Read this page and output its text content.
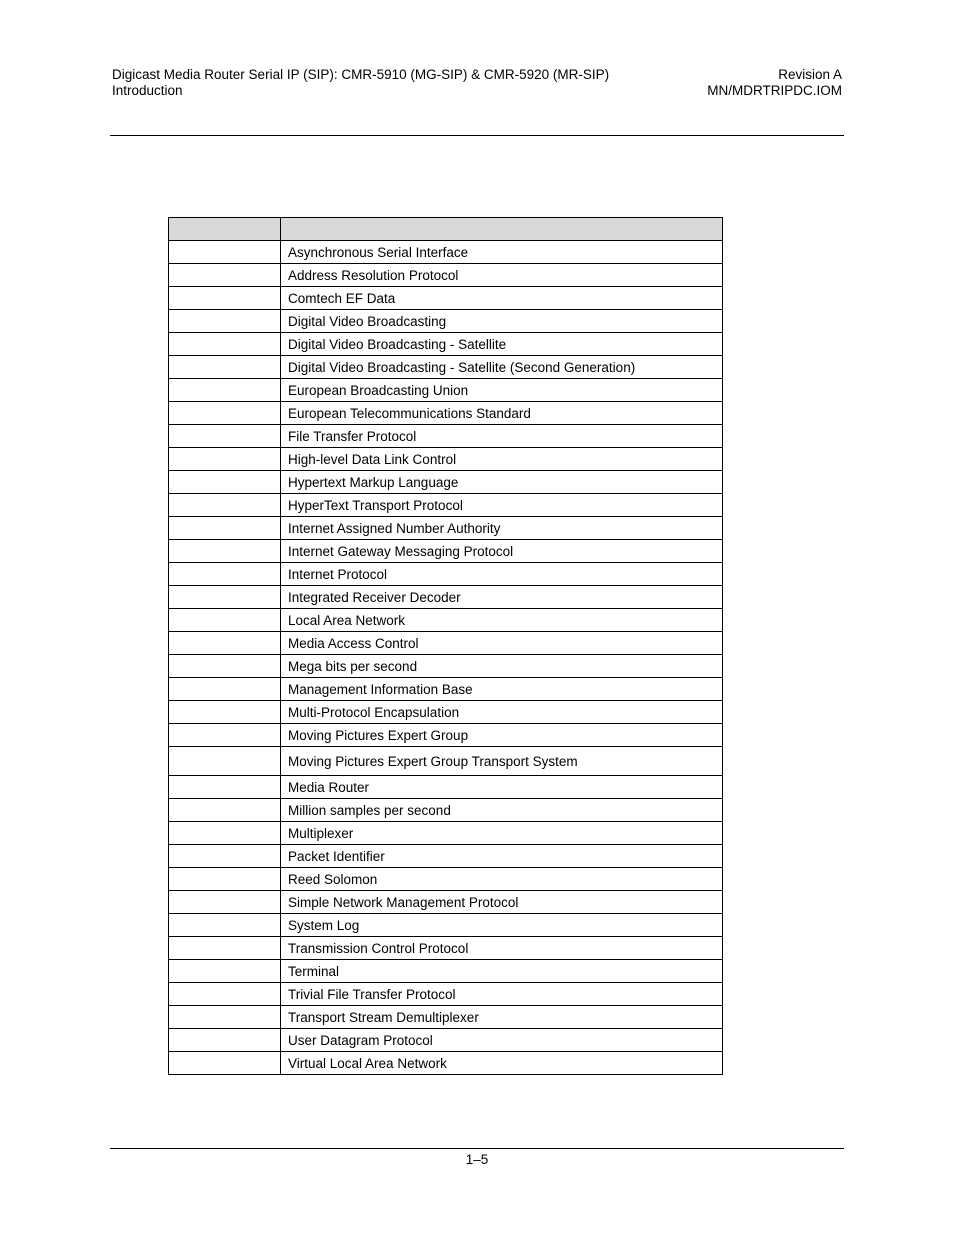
Digicast Media Router Serial IP (SIP): CMR-5910 (MG-SIP) & CMR-5920 (MR-SIP)
Introduction
Revision A
MN/MDRTRIPDC.IOM

	Asynchronous Serial Interface
	Address Resolution Protocol
	Comtech EF Data
	Digital Video Broadcasting
	Digital Video Broadcasting - Satellite
	Digital Video Broadcasting - Satellite (Second Generation)
	European Broadcasting Union
	European Telecommunications Standard
	File Transfer Protocol
	High-level Data Link Control
	Hypertext Markup Language
	HyperText Transport Protocol
	Internet Assigned Number Authority
	Internet Gateway Messaging Protocol
	Internet Protocol
	Integrated Receiver Decoder
	Local Area Network
	Media Access Control
	Mega bits per second
	Management Information Base
	Multi-Protocol Encapsulation
	Moving Pictures Expert Group
	Moving Pictures Expert Group Transport System
	Media Router
	Million samples per second
	Multiplexer
	Packet Identifier
	Reed Solomon
	Simple Network Management Protocol
	System Log
	Transmission Control Protocol
	Terminal
	Trivial File Transfer Protocol
	Transport Stream Demultiplexer
	User Datagram Protocol
	Virtual Local Area Network
1–5
